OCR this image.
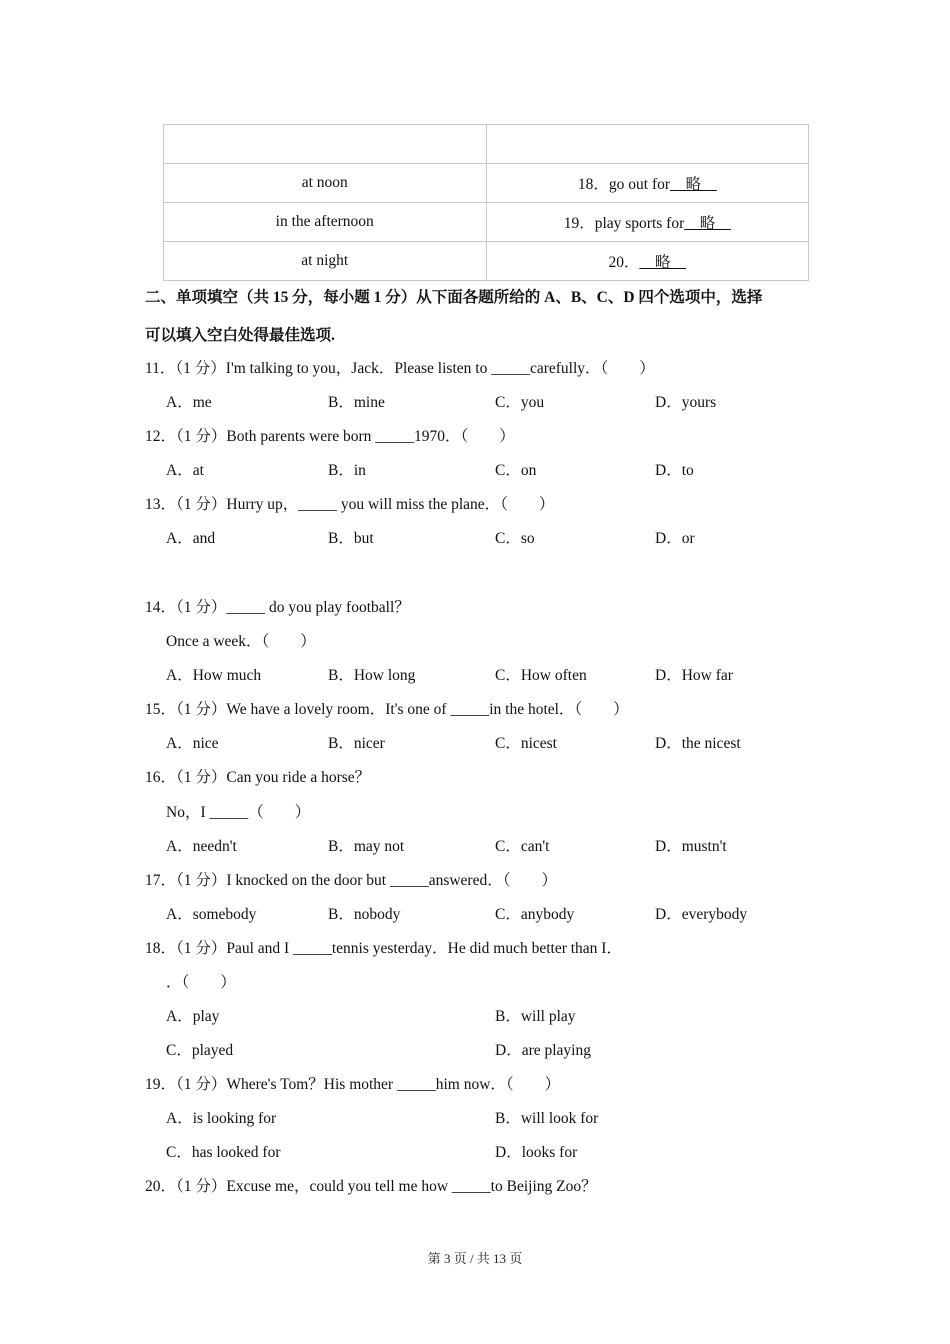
at noon	18．go out for__略__
in the afternoon	19．play sports for__略__
at night	20．__略__
二、单项填空（共 15 分，每小题 1 分）从下面各题所给的 A、B、C、D 四个选项中，选择
可以填入空白处得最佳选项.
11．（1 分）I'm talking to you，Jack．Please listen to _____carefully．（　　）
A．me	B．mine	C．you	D．yours
12．（1 分）Both parents were born _____1970．（　　）
A．at	B．in	C．on	D．to
13．（1 分）Hurry up，_____ you will miss the plane．（　　）
A．and	B．but	C．so	D．or
14．（1 分）_____ do you play football？
Once a week．（　　）
A．How much	B．How long	C．How often	D．How far
15．（1 分）We have a lovely room．It's one of _____in the hotel．（　　）
A．nice	B．nicer	C．nicest	D．the nicest
16．（1 分）Can you ride a horse？
No，I _____（　　）
A．needn't	B．may not	C．can't	D．mustn't
17．（1 分）I knocked on the door but _____answered．（　　）
A．somebody	B．nobody	C．anybody	D．everybody
18．（1 分）Paul and I _____tennis yesterday．He did much better than I．
．（　　）
A．play	B．will play
C．played	D．are playing
19．（1 分）Where's Tom？His mother _____him now．（　　）
A．is looking for	B．will look for
C．has looked for	D．looks for
20．（1 分）Excuse me，could you tell me how _____to Beijing Zoo？
第 3 页 / 共 13 页
